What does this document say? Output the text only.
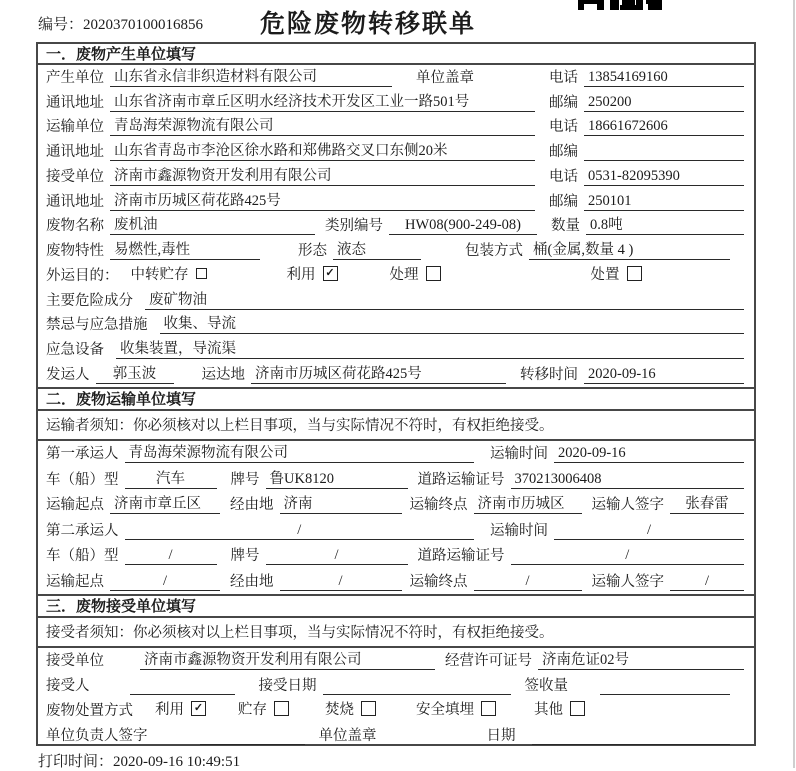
编号：2020370100016856	危险废物转移联单
一．废物产生单位填写
产生单位 山东省永信非织造材料有限公司	单位盖章	电话 13854169160
通讯地址 山东省济南市章丘区明水经济技术开发区工业一路501号	邮编 250200
运输单位 青岛海荣源物流有限公司	电话 18661672606
通讯地址 山东省青岛市李沧区徐水路和郑佛路交叉口东侧20米	邮编
接受单位 济南市鑫源物资开发利用有限公司	电话 0531-82095390
通讯地址 济南市历城区荷花路425号	邮编 250101
废物名称 废机油	类别编号	HW08(900-249-08)	数量 0.8吨
废物特性 易燃性,毒性	形态 液态	包装方式 桶(金属,数量 4 )
外运目的： 中转贮存	利用 ✓	处理	处置
主要危险成分 废矿物油
禁忌与应急措施 收集、导流
应急设备 收集装置，导流渠
发运人	郭玉波	运达地 济南市历城区荷花路425号	转移时间 2020-09-16
二．废物运输单位填写
运输者须知：你必须核对以上栏目事项，当与实际情况不符时，有权拒绝接受。
第一承运人 青岛海荣源物流有限公司	运输时间 2020-09-16
车（船）型	汽车	牌号 鲁UK8120	道路运输证号 370213006408
运输起点 济南市章丘区	经由地 济南	运输终点 济南市历城区	运输人签字	张春雷
第二承运人	/	运输时间	/
车（船）型	/	牌号	/	道路运输证号	/
运输起点	/	经由地	/	运输终点	/	运输人签字	/
三．废物接受单位填写
接受者须知：你必须核对以上栏目事项，当与实际情况不符时，有权拒绝接受。
接受单位	济南市鑫源物资开发利用有限公司	经营许可证号 济南危证02号
接受人	接受日期	签收量
废物处置方式 利用 ✓ 贮存	焚烧	安全填埋	其他
单位负责人签字	单位盖章	日期
打印时间：2020-09-16 10:49:51
